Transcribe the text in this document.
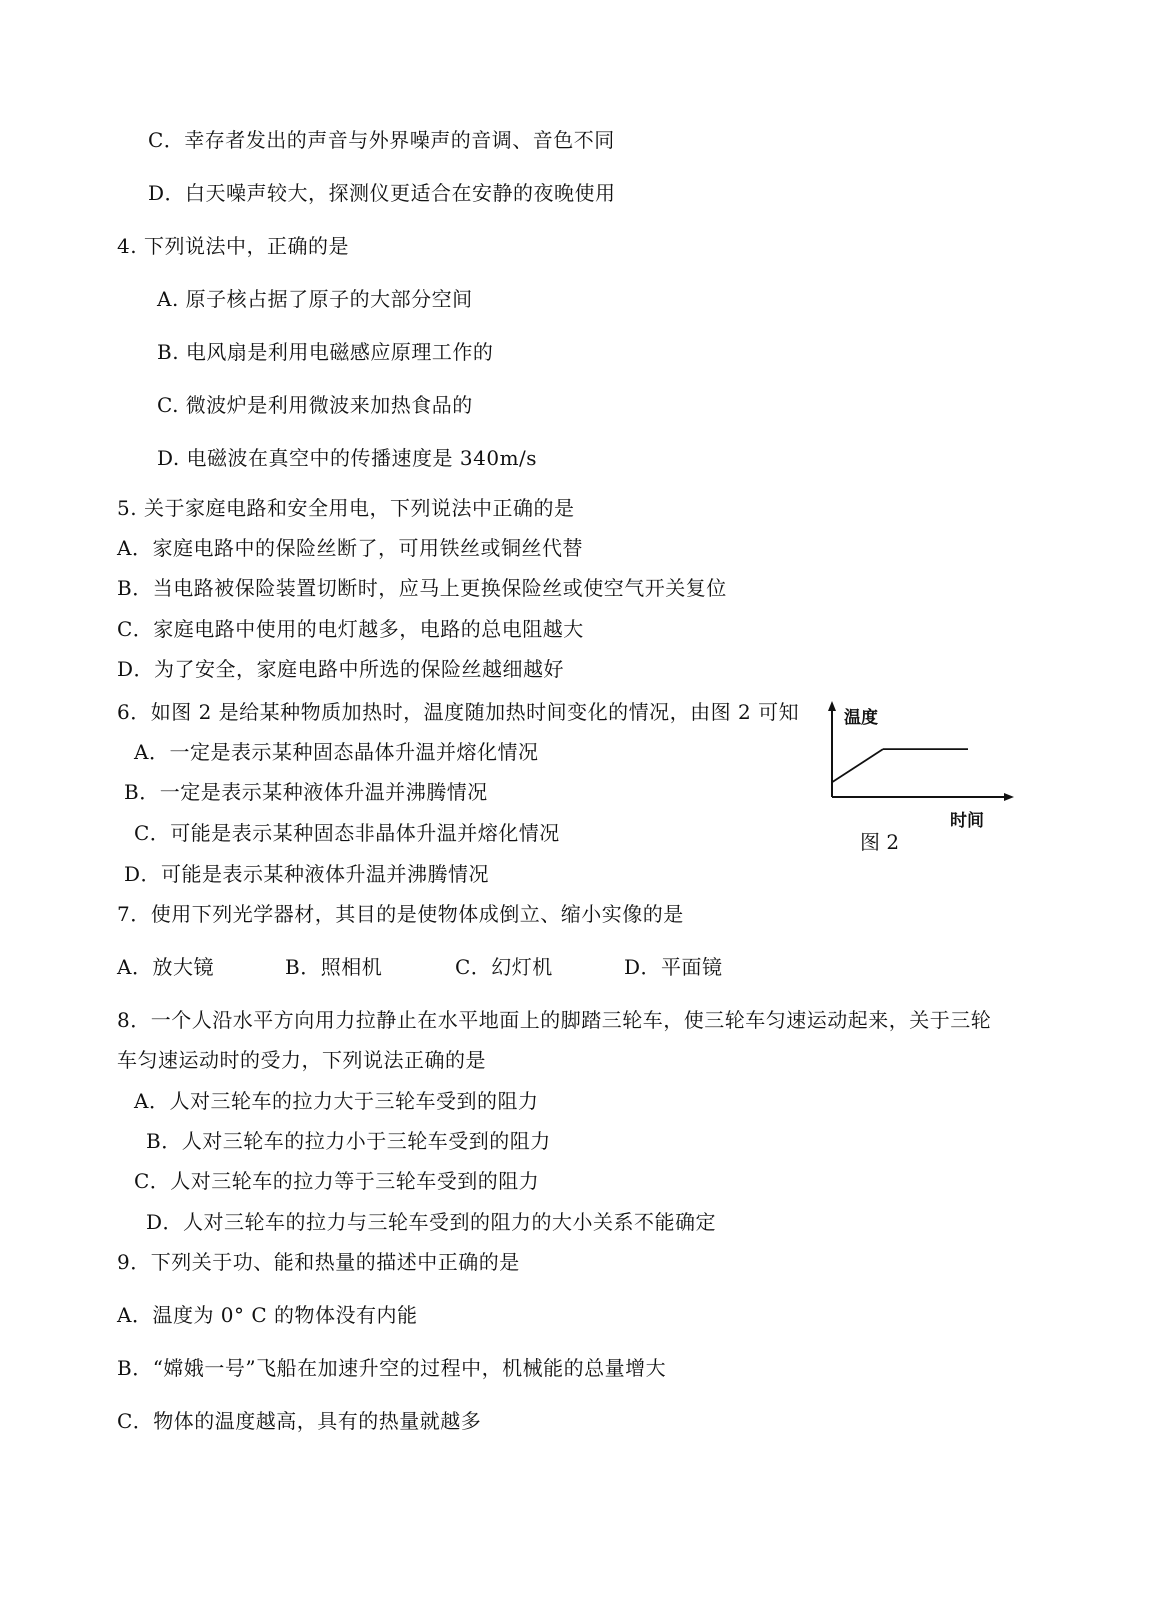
C．幸存者发出的声音与外界噪声的音调、音色不同
D．白天噪声较大，探测仪更适合在安静的夜晚使用
4. 下列说法中，正确的是
A. 原子核占据了原子的大部分空间
B. 电风扇是利用电磁感应原理工作的
C. 微波炉是利用微波来加热食品的
D. 电磁波在真空中的传播速度是 340m/s
5. 关于家庭电路和安全用电，下列说法中正确的是
A．家庭电路中的保险丝断了，可用铁丝或铜丝代替
B．当电路被保险装置切断时，应马上更换保险丝或使空气开关复位
C．家庭电路中使用的电灯越多，电路的总电阻越大
D．为了安全，家庭电路中所选的保险丝越细越好
6．如图 2 是给某种物质加热时，温度随加热时间变化的情况，由图 2 可知
A．一定是表示某种固态晶体升温并熔化情况
B．一定是表示某种液体升温并沸腾情况
C．可能是表示某种固态非晶体升温并熔化情况
D．可能是表示某种液体升温并沸腾情况
温度
时间
图 2
7．使用下列光学器材，其目的是使物体成倒立、缩小实像的是
A．放大镜	B．照相机	C．幻灯机	D．平面镜
8．一个人沿水平方向用力拉静止在水平地面上的脚踏三轮车，使三轮车匀速运动起来，关于三轮
车匀速运动时的受力，下列说法正确的是
A．人对三轮车的拉力大于三轮车受到的阻力
B．人对三轮车的拉力小于三轮车受到的阻力
C．人对三轮车的拉力等于三轮车受到的阻力
D．人对三轮车的拉力与三轮车受到的阻力的大小关系不能确定
9．下列关于功、能和热量的描述中正确的是
A．温度为 0° C 的物体没有内能
B．“嫦娥一号”飞船在加速升空的过程中，机械能的总量增大
C．物体的温度越高，具有的热量就越多
